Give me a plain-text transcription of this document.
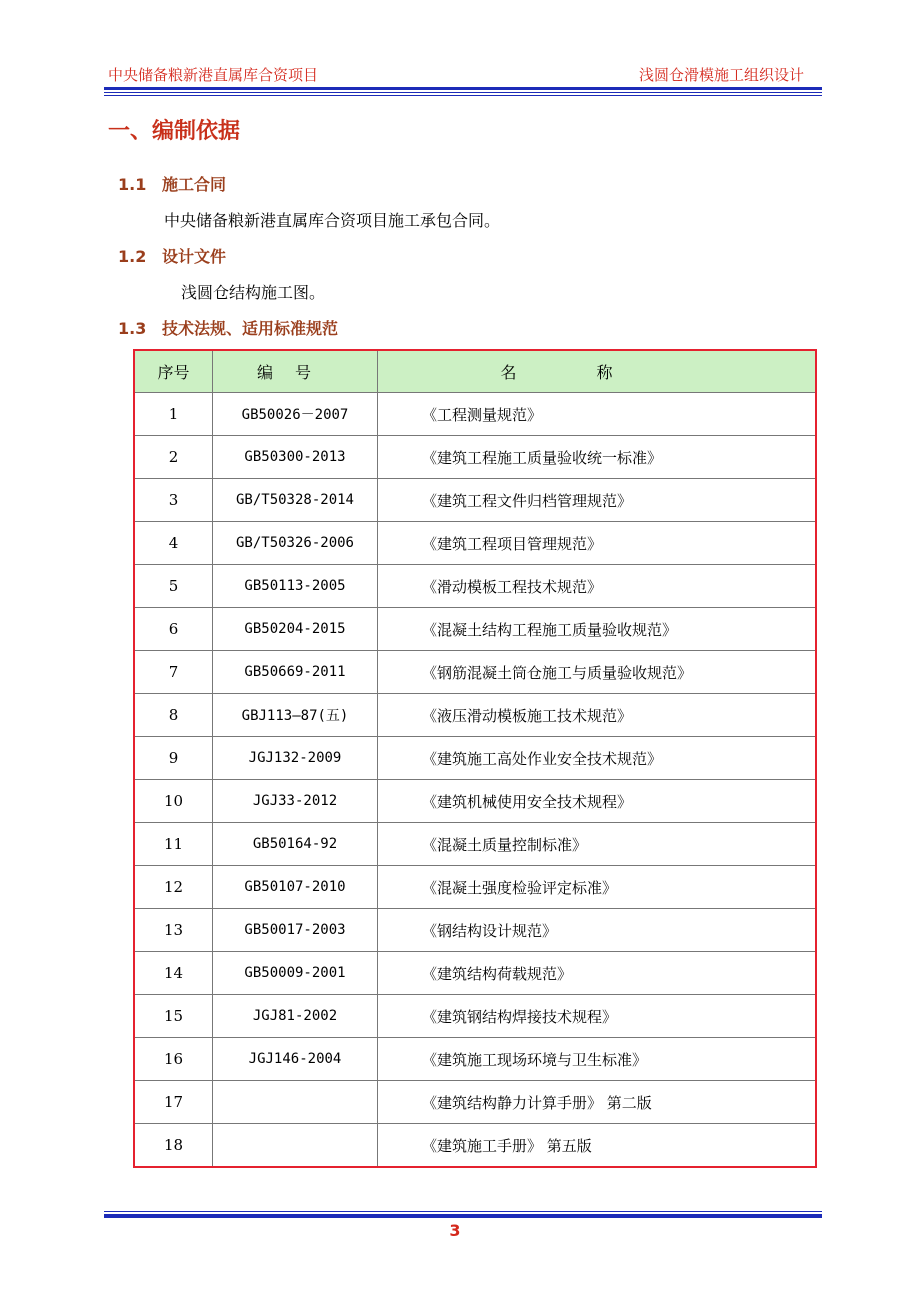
中央储备粮新港直属库合资项目	浅圆仓滑模施工组织设计
一、编制依据
1.1 施工合同
中央储备粮新港直属库合资项目施工承包合同。
1.2 设计文件
浅圆仓结构施工图。
1.3 技术法规、适用标准规范
序号	编号	名称
1	GB50026－2007	《工程测量规范》
2	GB50300-2013	《建筑工程施工质量验收统一标准》
3	GB/T50328-2014	《建筑工程文件归档管理规范》
4	GB/T50326-2006	《建筑工程项目管理规范》
5	GB50113-2005	《滑动模板工程技术规范》
6	GB50204-2015	《混凝土结构工程施工质量验收规范》
7	GB50669-2011	《钢筋混凝土筒仓施工与质量验收规范》
8	GBJ113—87(五)	《液压滑动模板施工技术规范》
9	JGJ132-2009	《建筑施工高处作业安全技术规范》
10	JGJ33-2012	《建筑机械使用安全技术规程》
11	GB50164-92	《混凝土质量控制标准》
12	GB50107-2010	《混凝土强度检验评定标准》
13	GB50017-2003	《钢结构设计规范》
14	GB50009-2001	《建筑结构荷载规范》
15	JGJ81-2002	《建筑钢结构焊接技术规程》
16	JGJ146-2004	《建筑施工现场环境与卫生标准》
17		《建筑结构静力计算手册》 第二版
18		《建筑施工手册》 第五版
3
